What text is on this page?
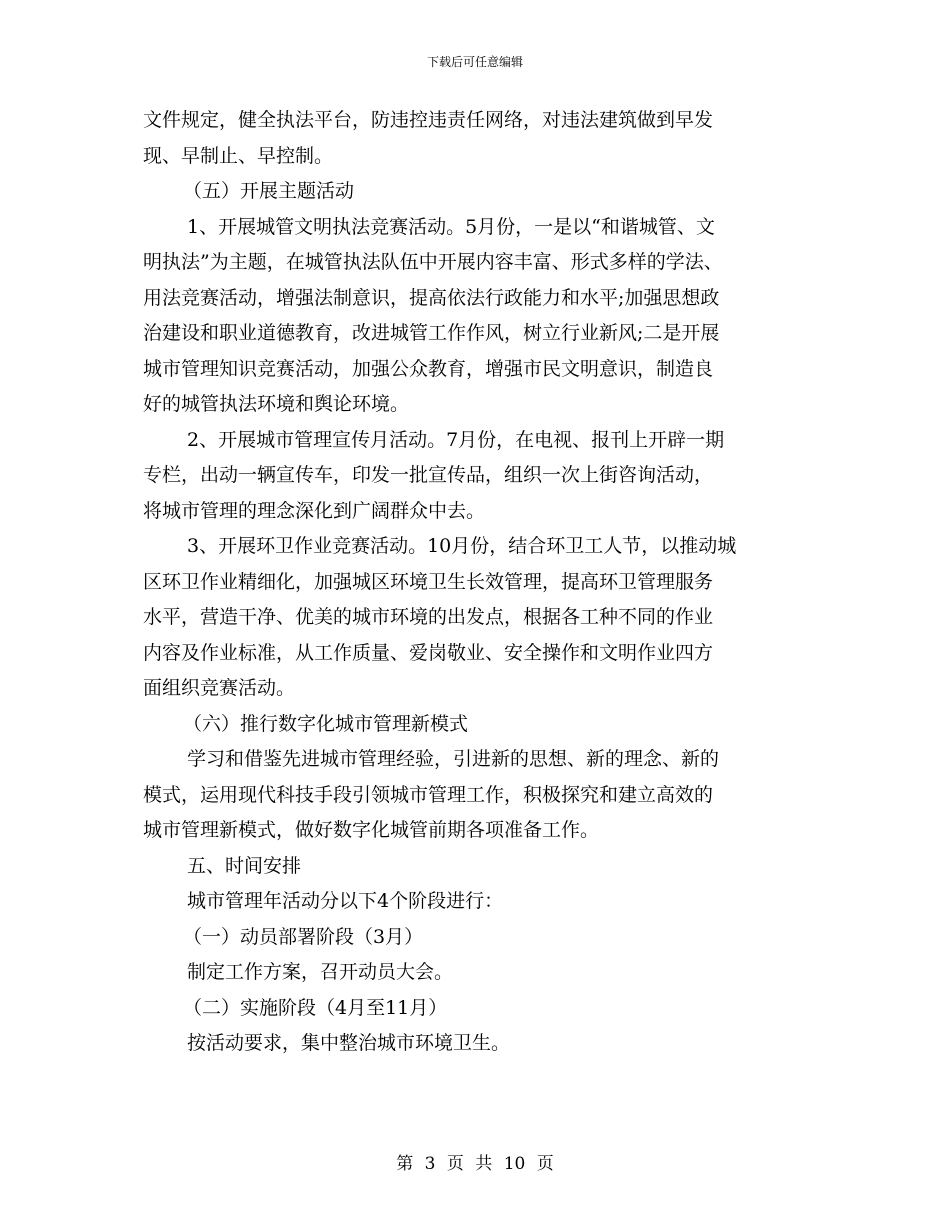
下载后可任意编辑
文件规定，健全执法平台，防违控违责任网络，对违法建筑做到早发
现、早制止、早控制。
（五）开展主题活动
1、开展城管文明执法竞赛活动。5月份，一是以“和谐城管、文
明执法”为主题，在城管执法队伍中开展内容丰富、形式多样的学法、
用法竞赛活动，增强法制意识，提高依法行政能力和水平;加强思想政
治建设和职业道德教育，改进城管工作作风，树立行业新风;二是开展
城市管理知识竞赛活动，加强公众教育，增强市民文明意识，制造良
好的城管执法环境和舆论环境。
2、开展城市管理宣传月活动。7月份，在电视、报刊上开辟一期
专栏，出动一辆宣传车，印发一批宣传品，组织一次上街咨询活动，
将城市管理的理念深化到广阔群众中去。
3、开展环卫作业竞赛活动。10月份，结合环卫工人节，以推动城
区环卫作业精细化，加强城区环境卫生长效管理，提高环卫管理服务
水平，营造干净、优美的城市环境的出发点，根据各工种不同的作业
内容及作业标准，从工作质量、爱岗敬业、安全操作和文明作业四方
面组织竞赛活动。
（六）推行数字化城市管理新模式
学习和借鉴先进城市管理经验，引进新的思想、新的理念、新的
模式，运用现代科技手段引领城市管理工作，积极探究和建立高效的
城市管理新模式，做好数字化城管前期各项准备工作。
五、时间安排
城市管理年活动分以下4个阶段进行：
（一）动员部署阶段（3月）
制定工作方案，召开动员大会。
（二）实施阶段（4月至11月）
按活动要求，集中整治城市环境卫生。
第 3 页 共 10 页
